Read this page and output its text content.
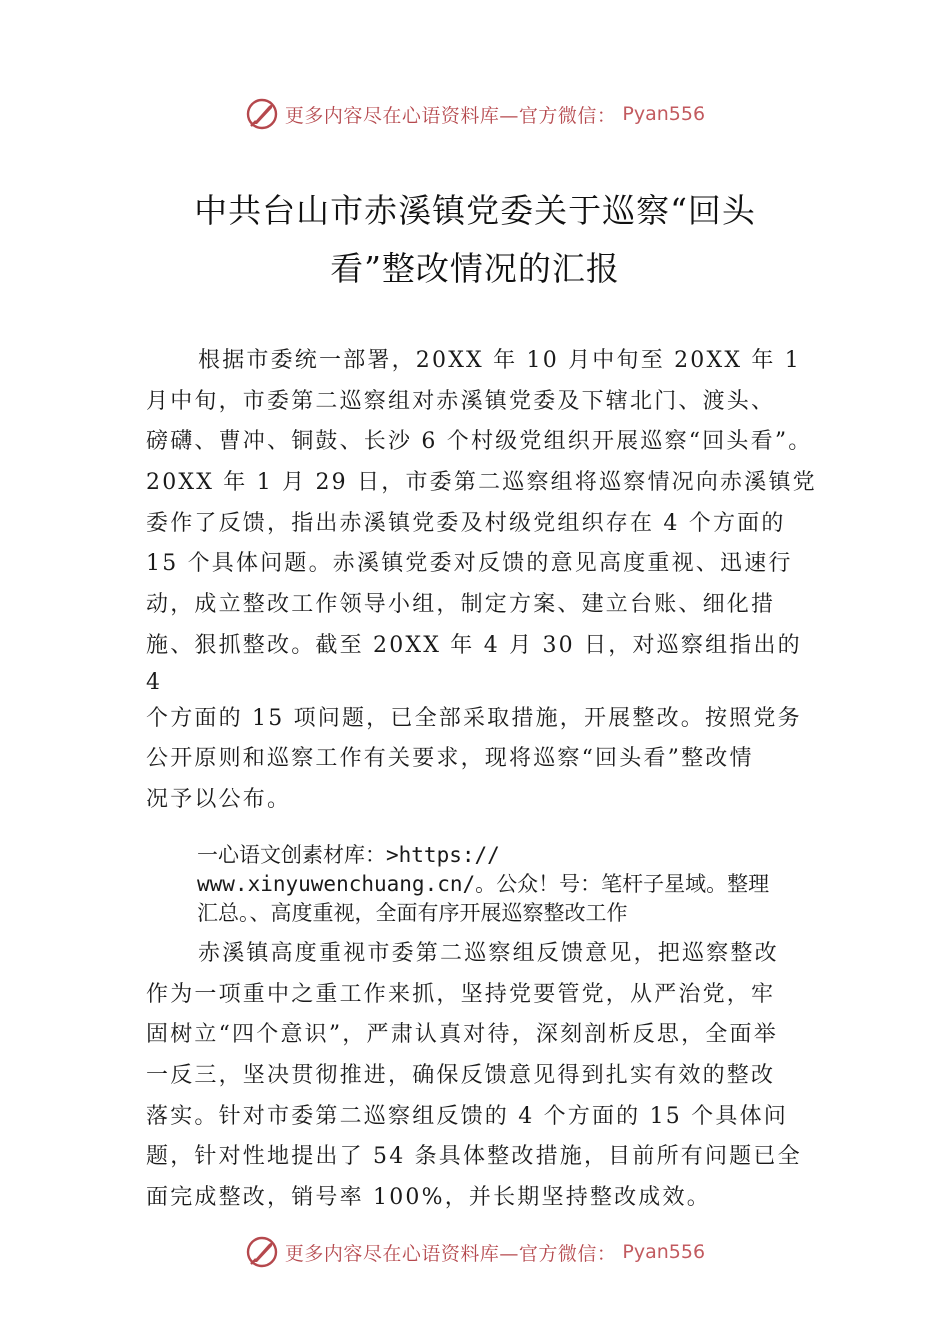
更多内容尽在心语资料库—官方微信： Pyan556
中共台山市赤溪镇党委关于巡察“回头
看”整改情况的汇报
根据市委统一部署，20XX 年 10 月中旬至 20XX 年 1
月中旬，市委第二巡察组对赤溪镇党委及下辖北门、渡头、
磅礴、曹冲、铜鼓、长沙 6 个村级党组织开展巡察“回头看”。
20XX 年 1 月 29 日，市委第二巡察组将巡察情况向赤溪镇党
委作了反馈，指出赤溪镇党委及村级党组织存在 4 个方面的
15 个具体问题。赤溪镇党委对反馈的意见高度重视、迅速行
动，成立整改工作领导小组，制定方案、建立台账、细化措
施、狠抓整改。截至 20XX 年 4 月 30 日，对巡察组指出的
4
个方面的 15 项问题，已全部采取措施，开展整改。按照党务
公开原则和巡察工作有关要求，现将巡察“回头看”整改情
况予以公布。
一心语文创素材库：>https://
www.xinyuwenchuang.cn/。公众！号：笔杆子星域。整理
汇总。、高度重视，全面有序开展巡察整改工作
赤溪镇高度重视市委第二巡察组反馈意见，把巡察整改
作为一项重中之重工作来抓，坚持党要管党，从严治党，牢
固树立“四个意识”，严肃认真对待，深刻剖析反思，全面举
一反三，坚决贯彻推进，确保反馈意见得到扎实有效的整改
落实。针对市委第二巡察组反馈的 4 个方面的 15 个具体问
题，针对性地提出了 54 条具体整改措施，目前所有问题已全
面完成整改，销号率 100%，并长期坚持整改成效。
更多内容尽在心语资料库—官方微信： Pyan556
